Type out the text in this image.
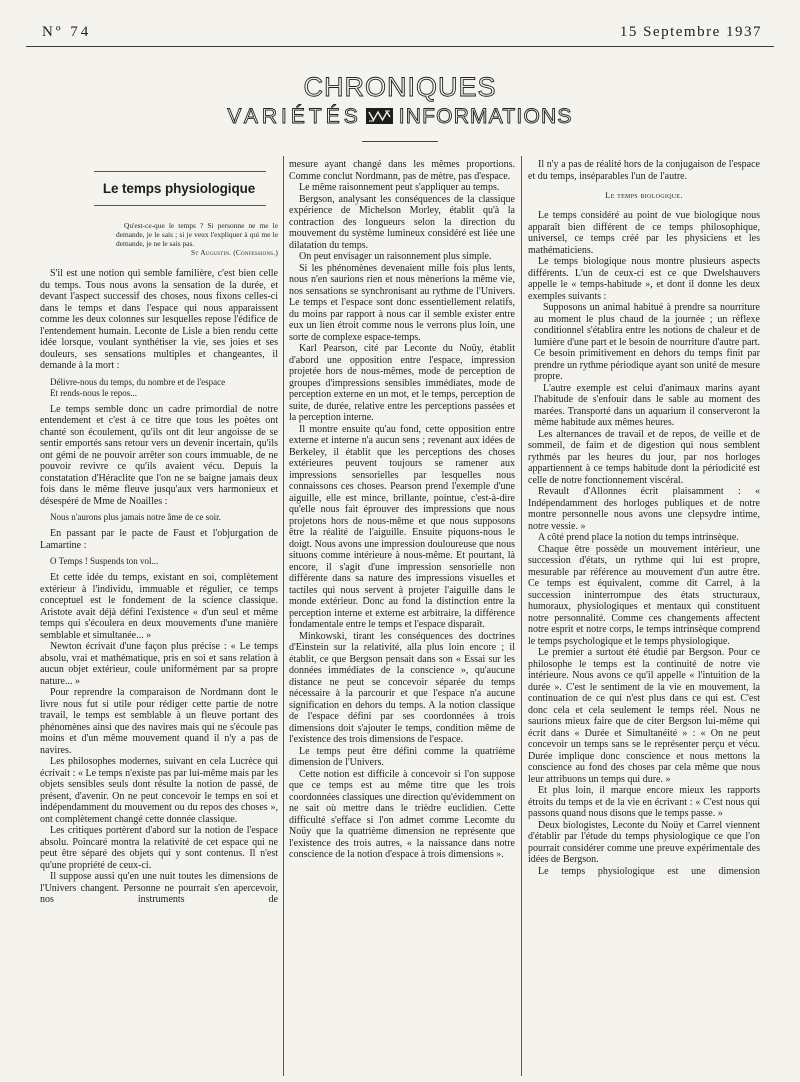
Nº 74	15 Septembre 1937
CHRONIQUES
VARIÉTÉS INFORMATIONS
Le temps physiologique

Qu'est-ce-que le temps ? Si personne ne me le demande, je le sais ; si je veux l'expliquer à qui me le demande, je ne le sais pas.

St Augustin. (Confessions.)

S'il est une notion qui semble familière, c'est bien celle du temps. Tous nous avons la sensation de la durée, et devant l'aspect successif des choses, nous fixons celles-ci dans le temps et dans l'espace qui nous apparaissent comme les deux colonnes sur lesquelles repose l'édifice de l'entendement humain. Leconte de Lisle a bien rendu cette idée lorsque, voulant synthétiser la vie, ses joies et ses douleurs, ses sensations multiples et changeantes, il demande à la mort :

Délivre-nous du temps, du nombre et de l'espace

Et rends-nous le repos...

Le temps semble donc un cadre primordial de notre entendement et c'est à ce titre que tous les poètes ont chanté son écoulement, qu'ils ont dit leur angoisse de se sentir emportés sans retour vers un devenir incertain, qu'ils ont gémi de ne pouvoir arrêter son cours immuable, de ne pouvoir revivre ce qu'ils avaient vécu. Depuis la constatation d'Héraclite que l'on ne se baigne jamais deux fois dans le même fleuve jusqu'aux vers harmonieux et désespéré de Mme de Noailles :

Nous n'aurons plus jamais notre âme de ce soir.

En passant par le pacte de Faust et l'objurgation de Lamartine :

O Temps ! Suspends ton vol...

Et cette idée du temps, existant en soi, complètement extérieur à l'individu, immuable et régulier, ce temps conceptuel est le fondement de la science classique. Aristote avait déjà défini l'existence « d'un seul et même temps qui s'écoulera en deux mouvements d'une manière semblable et simultanée... »

Newton écrivait d'une façon plus précise : « Le temps absolu, vrai et mathématique, pris en soi et sans relation à aucun objet extérieur, coule uniformément par sa propre nature... »

Pour reprendre la comparaison de Nordmann dont le livre nous fut si utile pour rédiger cette partie de notre travail, le temps est semblable à un fleuve portant des phénomènes ainsi que des navires mais qui ne s'écoule pas moins et d'un même mouvement quand il n'y a pas de navires.

Les philosophes modernes, suivant en cela Lucrèce qui écrivait : « Le temps n'existe pas par lui-même mais par les objets sensibles seuls dont résulte la notion de passé, de présent, d'avenir. On ne peut concevoir le temps en soi et indépendamment du mouvement ou du repos des choses », ont complètement changé cette donnée classique.

Les critiques portèrent d'abord sur la notion de l'espace absolu. Poincaré montra la relativité de cet espace qui ne peut être séparé des objets qui y sont contenus. Il n'est qu'une propriété de ceux-ci.

Il suppose aussi qu'en une nuit toutes les dimensions de l'Univers changent. Personne ne pourrait s'en apercevoir, nos instruments de

mesure ayant changé dans les mêmes proportions. Comme conclut Nordmann, pas de mètre, pas d'espace.

Le même raisonnement peut s'appliquer au temps.

Bergson, analysant les conséquences de la classique expérience de Michelson Morley, établit qu'à la contraction des longueurs selon la direction du mouvement du système lumineux considéré est liée une dilatation du temps.

On peut envisager un raisonnement plus simple.

Si les phénomènes devenaient mille fois plus lents, nous n'en saurions rien et nous mènerions la même vie, nos sensations se synchronisant au rythme de l'Univers. Le temps et l'espace sont donc essentiellement relatifs, du moins par rapport à nous car il semble exister entre eux un lien étroit comme nous le verrons plus loin, une sorte de complexe espace-temps.

Karl Pearson, cité par Leconte du Noüy, établit d'abord une opposition entre l'espace, impression projetée hors de nous-mêmes, mode de perception de groupes d'impressions sensibles immédiates, mode de perception externe en un mot, et le temps, perception de suite, de durée, relative entre les perceptions passées et la perception interne.

Il montre ensuite qu'au fond, cette opposition entre externe et interne n'a aucun sens ; revenant aux idées de Berkeley, il établit que les perceptions des choses extérieures peuvent toujours se ramener aux impressions sensorielles par lesquelles nous connaissons ces choses. Pearson prend l'exemple d'une aiguille, elle est mince, brillante, pointue, c'est-à-dire qu'elle nous fait éprouver des impressions que nous projetons hors de nous-même et que nous supposons être la réalité de l'aiguille. Ensuite piquons-nous le doigt. Nous avons une impression douloureuse que nous situons comme intérieure à nous-même. Et pourtant, là encore, il s'agit d'une impression sensorielle non différente dans sa nature des impressions visuelles et tactiles qui nous servent à projeter l'aiguille dans le monde extérieur. Donc au fond la distinction entre la perception interne et externe est arbitraire, la différence fondamentale entre le temps et l'espace disparaît.

Minkowski, tirant les conséquences des doctrines d'Einstein sur la relativité, alla plus loin encore ; il établit, ce que Bergson pensait dans son « Essai sur les données immédiates de la conscience », qu'aucune distance ne peut se concevoir séparée du temps nécessaire à la parcourir et que l'espace n'a aucune signification en dehors du temps. A la notion classique de l'espace défini par ses coordonnées à trois dimensions doit s'ajouter le temps, condition même de l'existence des trois dimensions de l'espace.

Le temps peut être défini comme la quatrième dimension de l'Univers.

Cette notion est difficile à concevoir si l'on suppose que ce temps est au même titre que les trois coordonnées classiques une direction qu'évidemment on ne sait où mettre dans le trièdre euclidien. Cette difficulté s'efface si l'on admet comme Lecomte du Noüy que la quatrième dimension ne représente que l'existence des trois autres, « la naissance dans notre conscience de la notion d'espace à trois dimensions ».

Il n'y a pas de réalité hors de la conjugaison de l'espace et du temps, inséparables l'un de l'autre.

Le temps biologique.

Le temps considéré au point de vue biologique nous apparaît bien différent de ce temps philosophique, universel, ce temps créé par les physiciens et les mathématiciens.

Le temps biologique nous montre plusieurs aspects différents. L'un de ceux-ci est ce que Dwelshauvers appelle le « temps-habitude », et dont il donne les deux exemples suivants :

Supposons un animal habitué à prendre sa nourriture au moment le plus chaud de la journée ; un réflexe conditionnel s'établira entre les notions de chaleur et de lumière d'une part et le besoin de nourriture d'autre part. Ce besoin primitivement en dehors du temps finit par prendre un rythme périodique ayant son unité de mesure propre.

L'autre exemple est celui d'animaux marins ayant l'habitude de s'enfouir dans le sable au moment des marées. Transporté dans un aquarium il conserveront la même habitude aux mêmes heures.

Les alternances de travail et de repos, de veille et de sommeil, de faim et de digestion qui nous semblent rythmés par les heures du jour, par nos horloges appartiennent à ce temps habitude dont la périodicité est celle de notre fonctionnement viscéral.

Revault d'Allonnes écrit plaisamment : « Indépendamment des horloges publiques et de notre montre personnelle nous avons une clepsydre intime, notre vessie. »

A côté prend place la notion du temps intrinsèque.

Chaque être possède un mouvement intérieur, une succession d'états, un rythme qui lui est propre, mesurable par référence au mouvement d'un autre être. Ce temps est équivalent, comme dit Carrel, à la succession ininterrompue des états structuraux, humoraux, physiologiques et mentaux qui constituent notre personnalité. Comme ces changements affectent notre esprit et notre corps, le temps intrinsèque comprend le temps psychologique et le temps physiologique.

Le premier a surtout été étudié par Bergson. Pour ce philosophe le temps est la continuité de notre vie intérieure. Nous avons ce qu'il appelle « l'intuition de la durée ». C'est le sentiment de la vie en mouvement, la continuation de ce qui n'est plus dans ce qui est. C'est donc cela et cela seulement le temps réel. Nous ne saurions mieux faire que de citer Bergson lui-même qui écrit dans « Durée et Simultanéité » : « On ne peut concevoir un temps sans se le représenter perçu et vécu. Durée implique donc conscience et nous mettons la conscience au fond des choses par cela même que nous leur attribuons un temps qui dure. »

Et plus loin, il marque encore mieux les rapports étroits du temps et de la vie en écrivant : « C'est nous qui passons quand nous disons que le temps passe. »

Deux biologistes, Leconte du Noüy et Carrel viennent d'établir par l'étude du temps physiologique ce que l'on pourrait considérer comme une preuve expérimentale des idées de Bergson.

Le temps physiologique est une dimension
